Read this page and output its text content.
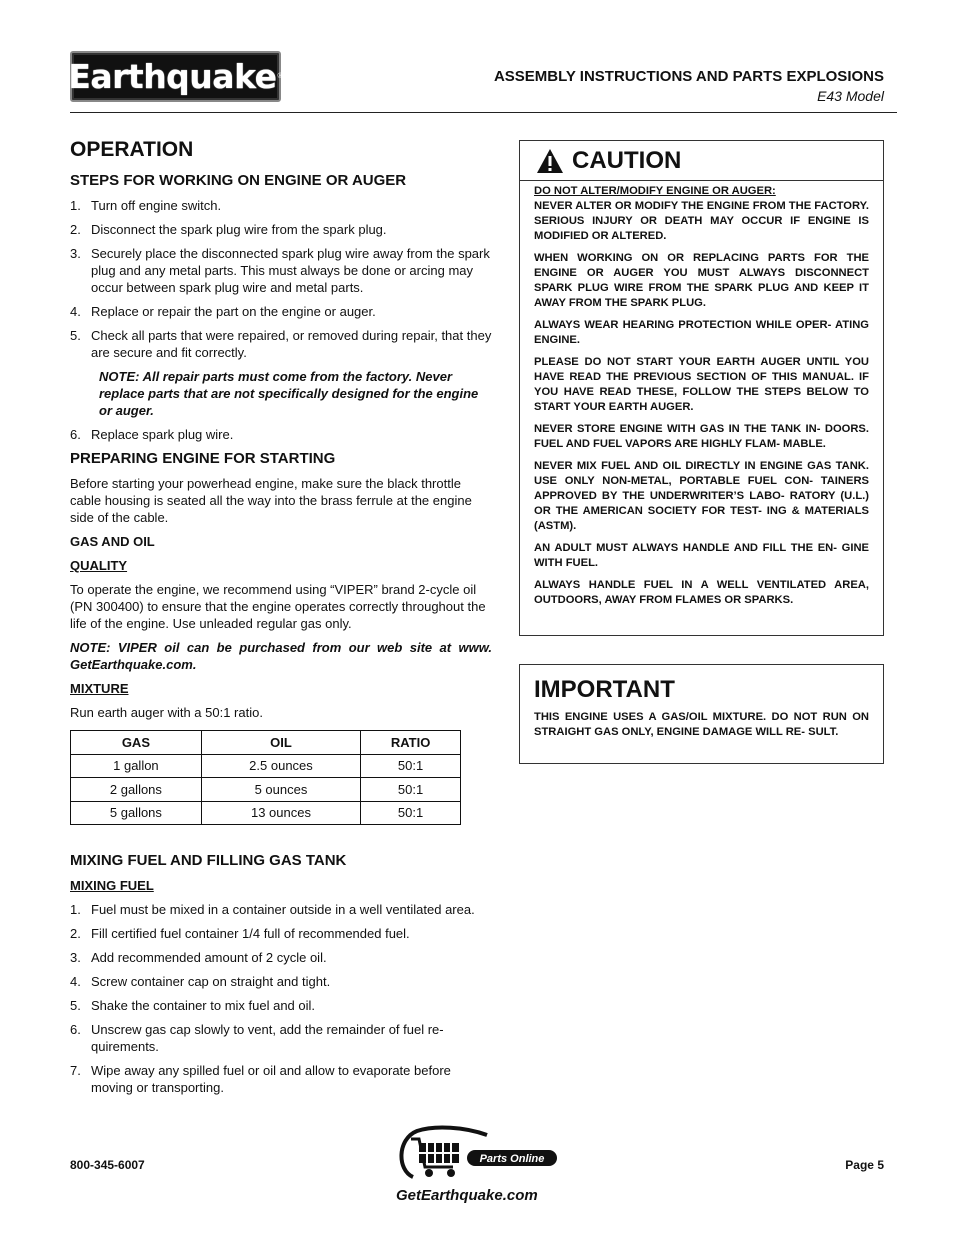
Earthquake ®	ASSEMBLY INSTRUCTIONS AND PARTS EXPLOSIONS
E43 Model
OPERATION
STEPS FOR WORKING ON ENGINE OR AUGER
1. Turn off engine switch.
2. Disconnect the spark plug wire from the spark plug.
3. Securely place the disconnected spark plug wire away from the spark plug and any metal parts. This must always be done or arcing may occur between spark plug wire and metal parts.
4. Replace or repair the part on the engine or auger.
5. Check all parts that were repaired, or removed during repair, that they are secure and fit correctly.
NOTE: All repair parts must come from the factory. Never replace parts that are not specifically designed for the engine or auger.
6. Replace spark plug wire.
PREPARING ENGINE FOR STARTING

Before starting your powerhead engine, make sure the black throttle cable housing is seated all the way into the brass ferrule at the engine side of the cable.

GAS AND OIL
QUALITY

To operate the engine, we recommend using “VIPER” brand 2-cycle oil (PN 300400) to ensure that the engine operates correctly throughout the life of the engine. Use unleaded regular gas only.

NOTE: VIPER oil can be purchased from our web site at www. GetEarthquake.com.

MIXTURE

Run earth auger with a 50:1 ratio.

GAS	OIL	RATIO
1 gallon	2.5 ounces	50:1
2 gallons	5 ounces	50:1
5 gallons	13 ounces	50:1
MIXING FUEL AND FILLING GAS TANK
MIXING FUEL
1. Fuel must be mixed in a container outside in a well ventilated area.
2. Fill certified fuel container 1/4 full of recommended fuel.
3. Add recommended amount of 2 cycle oil.
4. Screw container cap on straight and tight.
5. Shake the container to mix fuel and oil.
6. Unscrew gas cap slowly to vent, add the remainder of fuel re- quirements.
7. Wipe away any spilled fuel or oil and allow to evaporate before moving or transporting.
CAUTION

DO NOT ALTER/MODIFY ENGINE OR AUGER:
NEVER ALTER OR MODIFY THE ENGINE FROM THE FACTORY. SERIOUS INJURY OR DEATH MAY OCCUR IF ENGINE IS MODIFIED OR ALTERED.

WHEN WORKING ON OR REPLACING PARTS FOR THE ENGINE OR AUGER YOU MUST ALWAYS DISCONNECT SPARK PLUG WIRE FROM THE SPARK PLUG AND KEEP IT AWAY FROM THE SPARK PLUG.

ALWAYS WEAR HEARING PROTECTION WHILE OPER- ATING ENGINE.

PLEASE DO NOT START YOUR EARTH AUGER UNTIL YOU HAVE READ THE PREVIOUS SECTION OF THIS MANUAL. IF YOU HAVE READ THESE, FOLLOW THE STEPS BELOW TO START YOUR EARTH AUGER.

NEVER STORE ENGINE WITH GAS IN THE TANK IN- DOORS. FUEL AND FUEL VAPORS ARE HIGHLY FLAM- MABLE.

NEVER MIX FUEL AND OIL DIRECTLY IN ENGINE GAS TANK. USE ONLY NON-METAL, PORTABLE FUEL CON- TAINERS APPROVED BY THE UNDERWRITER’S LABO- RATORY (U.L.) OR THE AMERICAN SOCIETY FOR TEST- ING & MATERIALS (ASTM).

AN ADULT MUST ALWAYS HANDLE AND FILL THE EN- GINE WITH FUEL.

ALWAYS HANDLE FUEL IN A WELL VENTILATED AREA, OUTDOORS, AWAY FROM FLAMES OR SPARKS.

IMPORTANT

THIS ENGINE USES A GAS/OIL MIXTURE. DO NOT RUN ON STRAIGHT GAS ONLY, ENGINE DAMAGE WILL RE- SULT.

800-345-6007	Parts Online
GetEarthquake.com
Page 5
